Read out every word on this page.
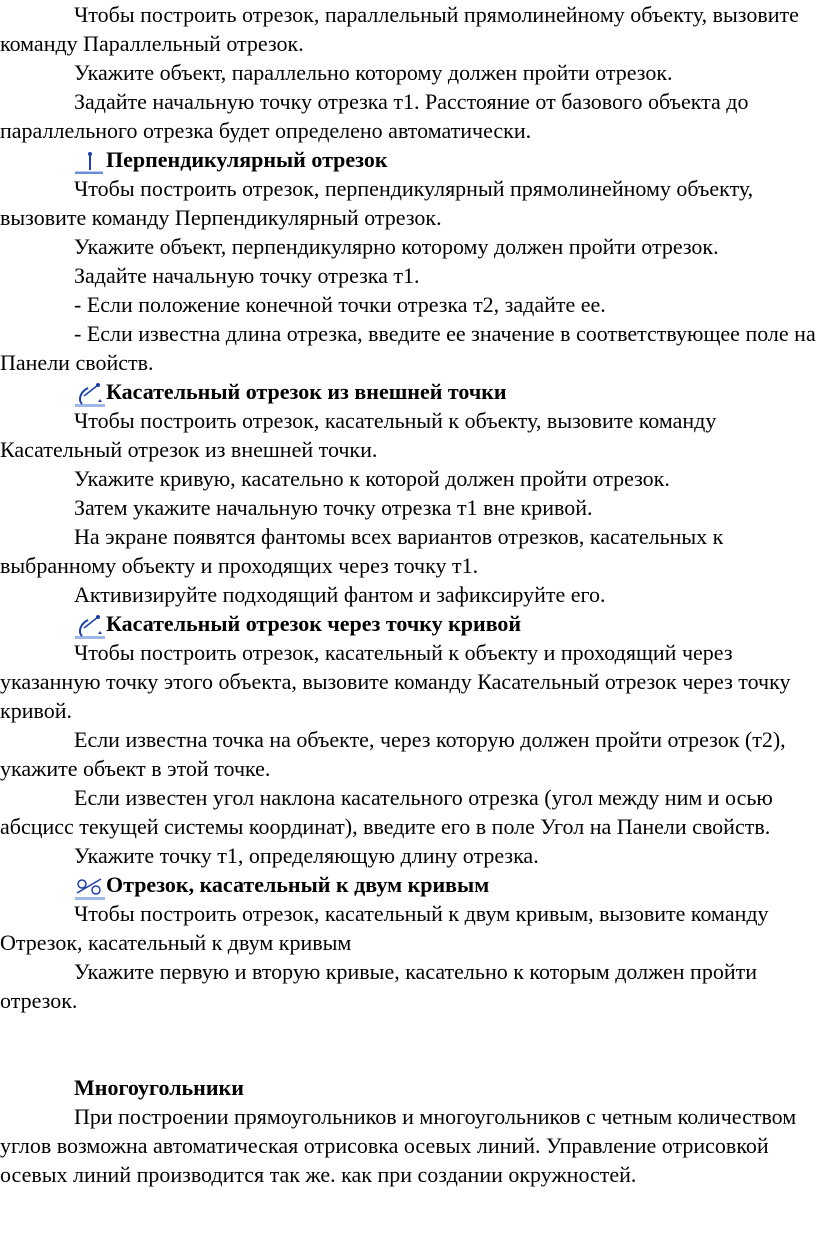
Чтобы построить отрезок, параллельный прямолинейному объекту, вызовите команду Параллельный отрезок.

Укажите объект, параллельно которому должен пройти отрезок.

Задайте начальную точку отрезка т1. Расстояние от базового объекта до параллельного отрезка будет определено автоматически.

Перпендикулярный отрезок

Чтобы построить отрезок, перпендикулярный прямолинейному объекту, вызовите команду Перпендикулярный отрезок.

Укажите объект, перпендикулярно которому должен пройти отрезок.

Задайте начальную точку отрезка т1.

- Если положение конечной точки отрезка т2, задайте ее.

- Если известна длина отрезка, введите ее значение в соответствующее поле на Панели свойств.

Касательный отрезок из внешней точки

Чтобы построить отрезок, касательный к объекту, вызовите команду Касательный отрезок из внешней точки.

Укажите кривую, касательно к которой должен пройти отрезок.

Затем укажите начальную точку отрезка т1 вне кривой.

На экране появятся фантомы всех вариантов отрезков, касательных к выбранному объекту и проходящих через точку т1.

Активизируйте подходящий фантом и зафиксируйте его.

Касательный отрезок через точку кривой

Чтобы построить отрезок, касательный к объекту и проходящий через указанную точку этого объекта, вызовите команду Касательный отрезок через точку кривой.

Если известна точка на объекте, через которую должен пройти отрезок (т2), укажите объект в этой точке.

Если известен угол наклона касательного отрезка (угол между ним и осью абсцисс текущей системы координат), введите его в поле Угол на Панели свойств.

Укажите точку т1, определяющую длину отрезка.

Отрезок, касательный к двум кривым

Чтобы построить отрезок, касательный к двум кривым, вызовите команду Отрезок, касательный к двум кривым

Укажите первую и вторую кривые, касательно к которым должен пройти отрезок.

Многоугольники

При построении прямоугольников и многоугольников с четным количеством углов возможна автоматическая отрисовка осевых линий. Управление отрисовкой осевых линий производится так же. как при создании окружностей.
